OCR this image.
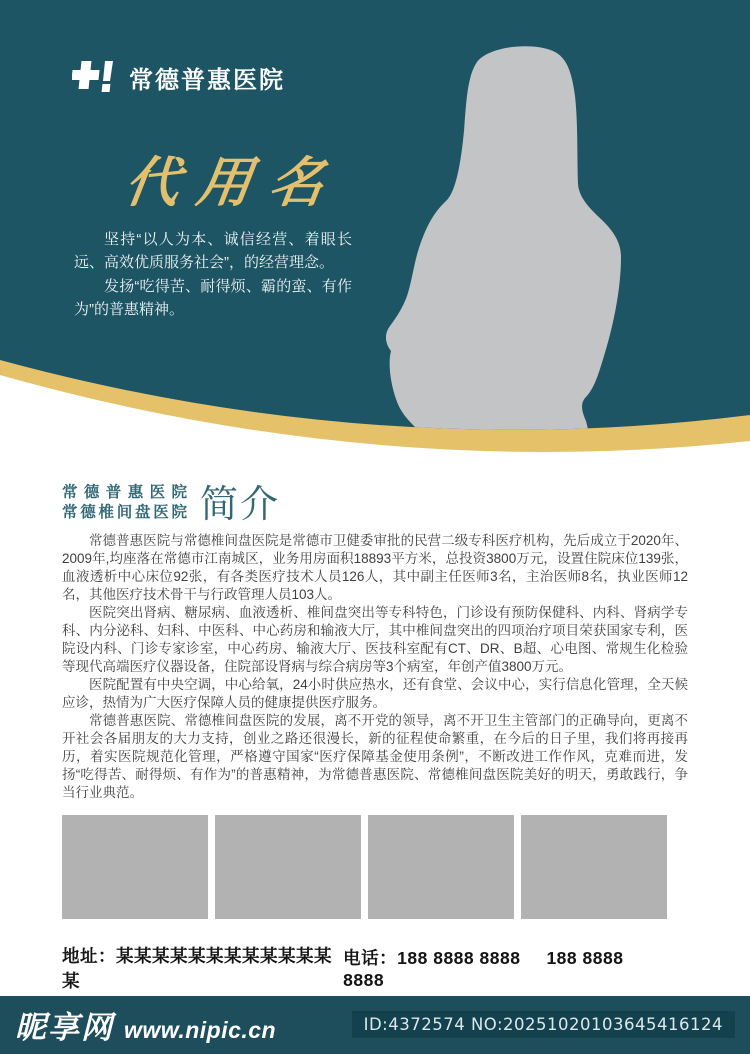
常德普惠医院
代用名

坚持“以人为本、诚信经营、着眼长远、高效优质服务社会”，的经营理念。

发扬“吃得苦、耐得烦、霸的蛮、有作为”的普惠精神。

常德普惠医院
常德椎间盘医院 简介

常德普惠医院与常德椎间盘医院是常德市卫健委审批的民营二级专科医疗机构，先后成立于2020年、2009年,均座落在常德市江南城区，业务用房面积18893平方米，总投资3800万元，设置住院床位139张，血液透析中心床位92张，有各类医疗技术人员126人，其中副主任医师3名，主治医师8名，执业医师12名，其他医疗技术骨干与行政管理人员103人。

医院突出肾病、糖尿病、血液透析、椎间盘突出等专科特色，门诊设有预防保健科、内科、肾病学专科、内分泌科、妇科、中医科、中心药房和输液大厅，其中椎间盘突出的四项治疗项目荣获国家专利，医院设内科、门诊专家诊室，中心药房、输液大厅、医技科室配有CT、DR、B超、心电图、常规生化检验等现代高端医疗仪器设备，住院部设肾病与综合病房等3个病室，年创产值3800万元。

医院配置有中央空调，中心给氧，24小时供应热水，还有食堂、会议中心，实行信息化管理，全天候应诊，热情为广大医疗保障人员的健康提供医疗服务。

常德普惠医院、常德椎间盘医院的发展，离不开党的领导，离不开卫生主管部门的正确导向，更离不开社会各届朋友的大力支持，创业之路还很漫长，新的征程使命繁重，在今后的日子里，我们将再接再历，着实医院规范化管理，严格遵守国家“医疗保障基金使用条例”，不断改进工作作风，克难而进，发扬“吃得苦、耐得烦、有作为”的普惠精神，为常德普惠医院、常德椎间盘医院美好的明天，勇敢践行，争当行业典范。

地址：某某某某某某某某某某某某某
电话：188 8888 8888 188 8888 8888
昵享网 www.nipic.cn	ID:4372574 NO:20251020103645416124
